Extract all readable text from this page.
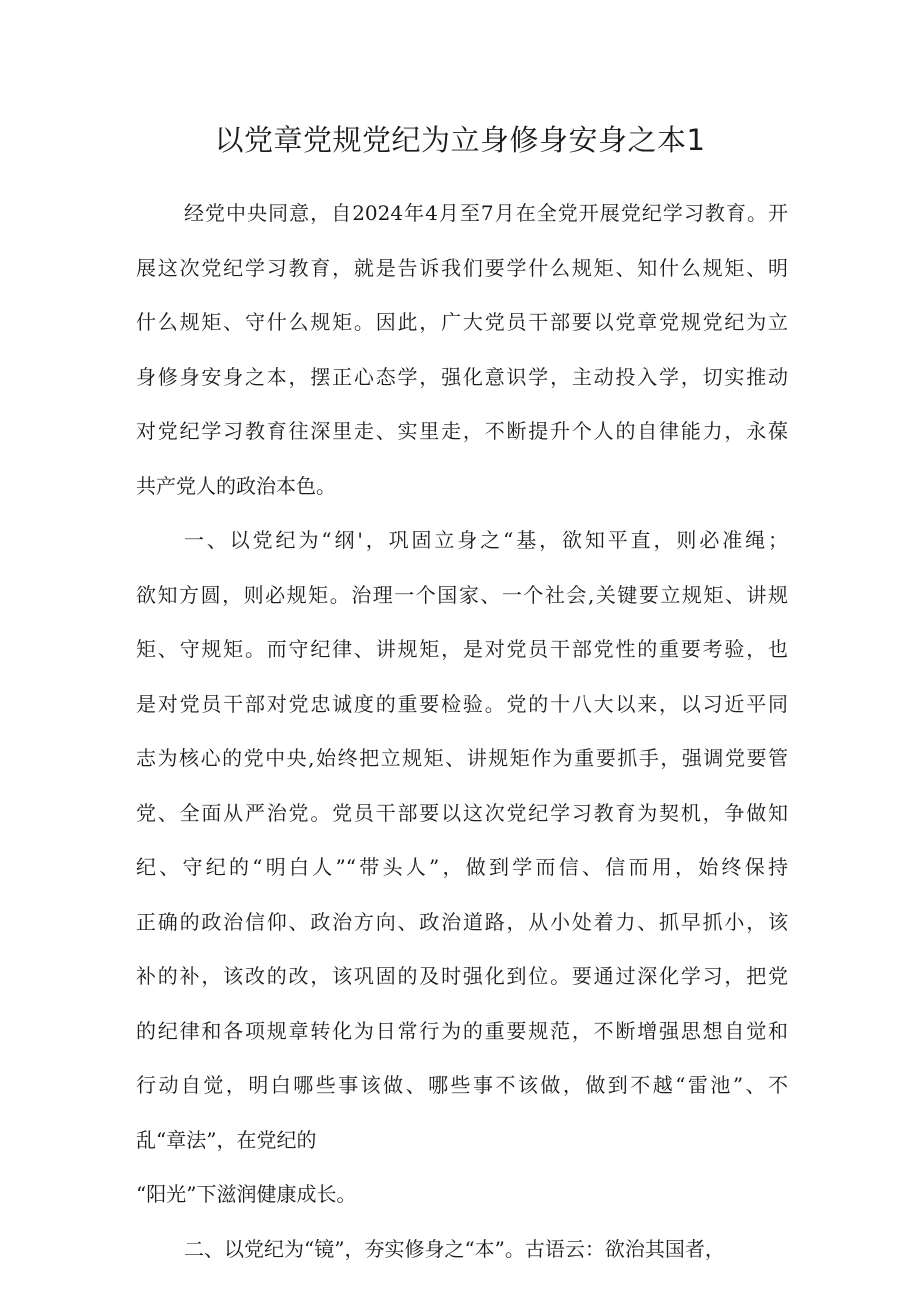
以党章党规党纪为立身修身安身之本1
经党中央同意，自2024年4月至7月在全党开展党纪学习教育。开
展这次党纪学习教育，就是告诉我们要学什么规矩、知什么规矩、明
什么规矩、守什么规矩。因此，广大党员干部要以党章党规党纪为立
身修身安身之本，摆正心态学，强化意识学，主动投入学，切实推动
对党纪学习教育往深里走、实里走，不断提升个人的自律能力，永葆
共产党人的政治本色。
一、以党纪为“纲'，巩固立身之“基，欲知平直，则必准绳；
欲知方圆，则必规矩。治理一个国家、一个社会,关键要立规矩、讲规
矩、守规矩。而守纪律、讲规矩，是对党员干部党性的重要考验，也
是对党员干部对党忠诚度的重要检验。党的十八大以来，以习近平同
志为核心的党中央,始终把立规矩、讲规矩作为重要抓手，强调党要管
党、全面从严治党。党员干部要以这次党纪学习教育为契机，争做知
纪、守纪的“明白人”“带头人”，做到学而信、信而用，始终保持
正确的政治信仰、政治方向、政治道路，从小处着力、抓早抓小，该
补的补，该改的改，该巩固的及时强化到位。要通过深化学习，把党
的纪律和各项规章转化为日常行为的重要规范，不断增强思想自觉和
行动自觉，明白哪些事该做、哪些事不该做，做到不越“雷池”、不
乱“章法”，在党纪的
“阳光”下滋润健康成长。
二、以党纪为“镜”，夯实修身之“本”。古语云：欲治其国者，
